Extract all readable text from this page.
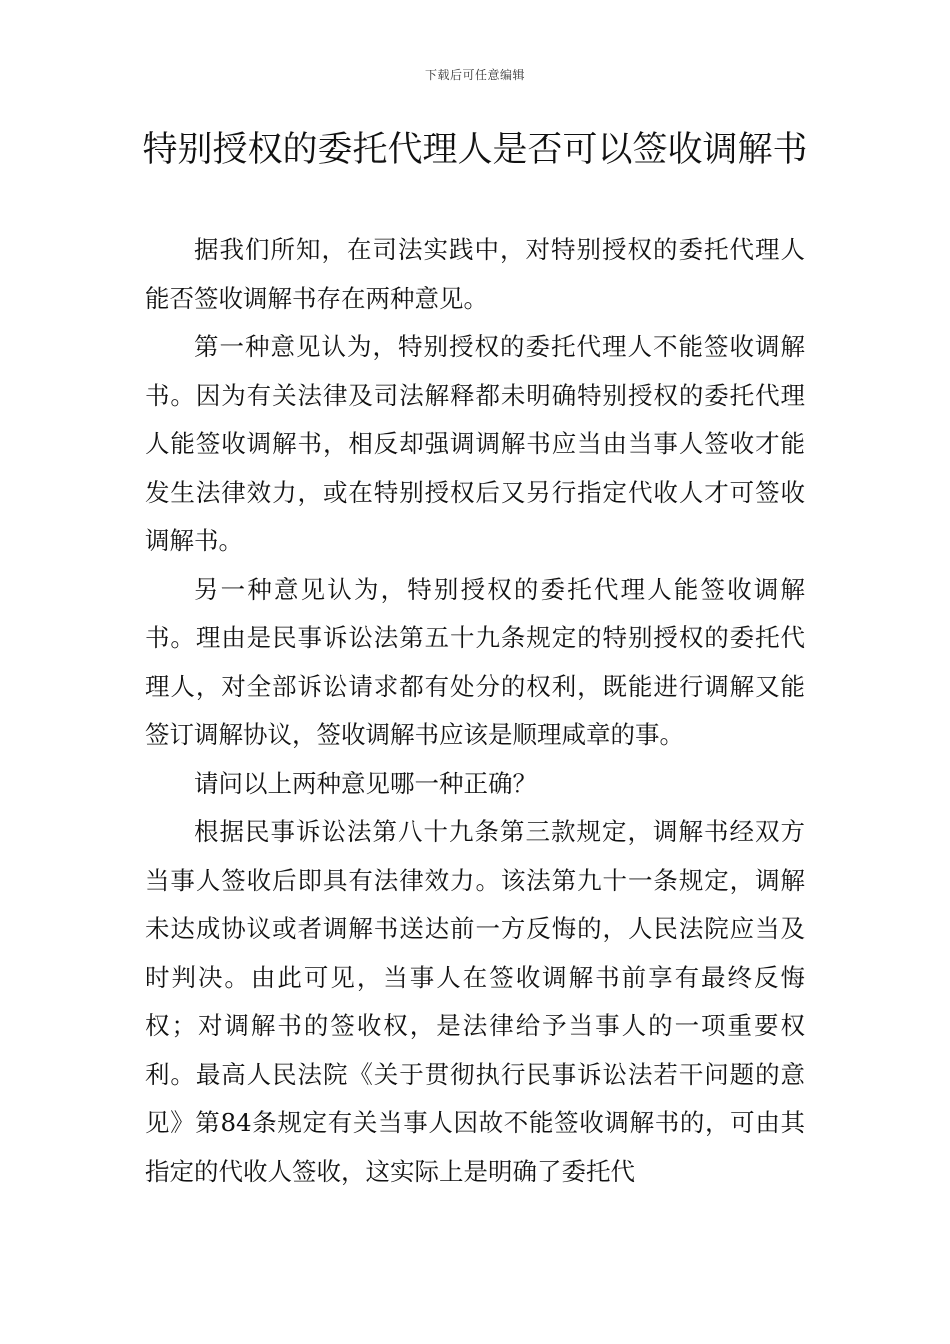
下载后可任意编辑
特别授权的委托代理人是否可以签收调解书

据我们所知，在司法实践中，对特别授权的委托代理人能否签收调解书存在两种意见。

第一种意见认为，特别授权的委托代理人不能签收调解书。因为有关法律及司法解释都未明确特别授权的委托代理人能签收调解书，相反却强调调解书应当由当事人签收才能发生法律效力，或在特别授权后又另行指定代收人才可签收调解书。

另一种意见认为，特别授权的委托代理人能签收调解书。理由是民事诉讼法第五十九条规定的特别授权的委托代理人，对全部诉讼请求都有处分的权利，既能进行调解又能签订调解协议，签收调解书应该是顺理咸章的事。

请问以上两种意见哪一种正确？

根据民事诉讼法第八十九条第三款规定，调解书经双方当事人签收后即具有法律效力。该法第九十一条规定，调解未达成协议或者调解书送达前一方反悔的，人民法院应当及时判决。由此可见，当事人在签收调解书前享有最终反悔权；对调解书的签收权，是法律给予当事人的一项重要权利。最高人民法院《关于贯彻执行民事诉讼法若干问题的意见》第84条规定有关当事人因故不能签收调解书的，可由其指定的代收人签收，这实际上是明确了委托代
